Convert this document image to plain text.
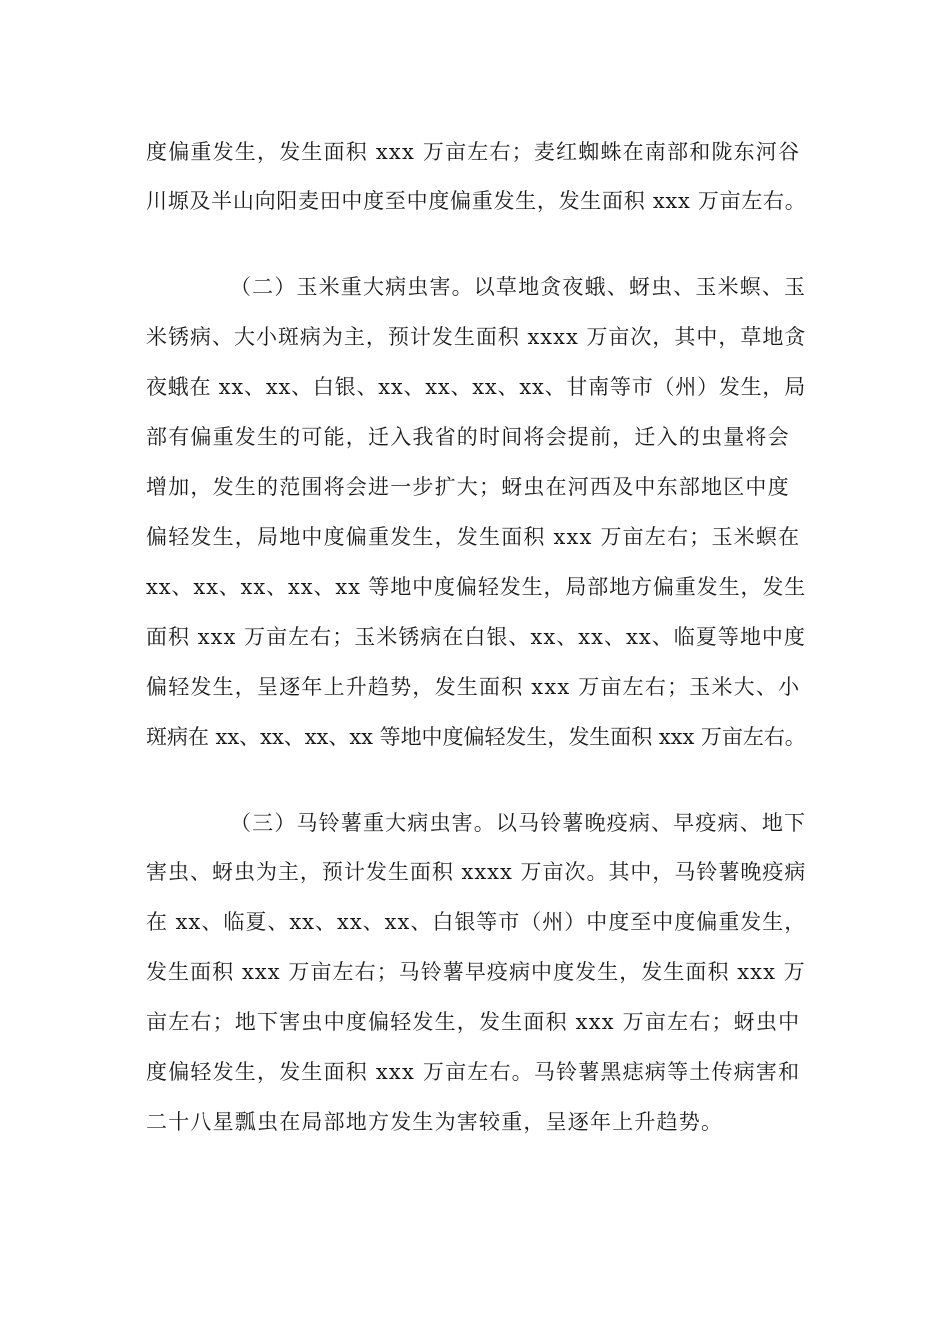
度偏重发生，发生面积 xxx 万亩左右；麦红蜘蛛在南部和陇东河谷
川塬及半山向阳麦田中度至中度偏重发生，发生面积 xxx 万亩左右。
（二）玉米重大病虫害。以草地贪夜蛾、蚜虫、玉米螟、玉
米锈病、大小斑病为主，预计发生面积 xxxx 万亩次，其中，草地贪
夜蛾在 xx、xx、白银、xx、xx、xx、xx、甘南等市（州）发生，局
部有偏重发生的可能，迁入我省的时间将会提前，迁入的虫量将会
增加，发生的范围将会进一步扩大；蚜虫在河西及中东部地区中度
偏轻发生，局地中度偏重发生，发生面积 xxx 万亩左右；玉米螟在
xx、xx、xx、xx、xx 等地中度偏轻发生，局部地方偏重发生，发生
面积 xxx 万亩左右；玉米锈病在白银、xx、xx、xx、临夏等地中度
偏轻发生，呈逐年上升趋势，发生面积 xxx 万亩左右；玉米大、小
斑病在 xx、xx、xx、xx 等地中度偏轻发生，发生面积 xxx 万亩左右。
（三）马铃薯重大病虫害。以马铃薯晚疫病、早疫病、地下
害虫、蚜虫为主，预计发生面积 xxxx 万亩次。其中，马铃薯晚疫病
在 xx、临夏、xx、xx、xx、白银等市（州）中度至中度偏重发生，
发生面积 xxx 万亩左右；马铃薯早疫病中度发生，发生面积 xxx 万
亩左右；地下害虫中度偏轻发生，发生面积 xxx 万亩左右；蚜虫中
度偏轻发生，发生面积 xxx 万亩左右。马铃薯黑痣病等土传病害和
二十八星瓢虫在局部地方发生为害较重，呈逐年上升趋势。
